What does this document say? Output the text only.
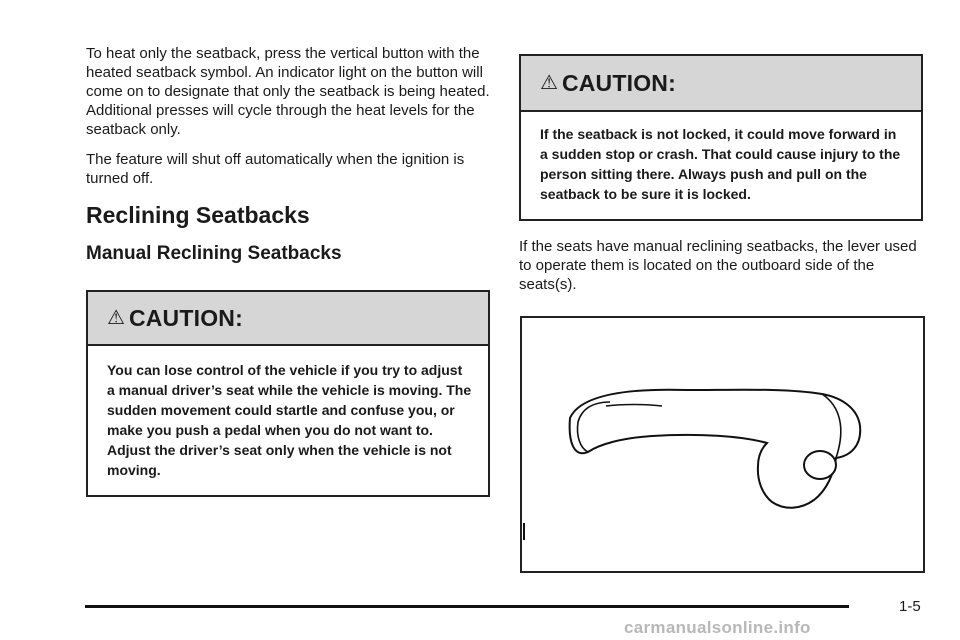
To heat only the seatback, press the vertical button with the heated seatback symbol. An indicator light on the button will come on to designate that only the seatback is being heated. Additional presses will cycle through the heat levels for the seatback only.

The feature will shut off automatically when the ignition is turned off.

Reclining Seatbacks
Manual Reclining Seatbacks
⚠ CAUTION:
You can lose control of the vehicle if you try to adjust a manual driver’s seat while the vehicle is moving. The sudden movement could startle and confuse you, or make you push a pedal when you do not want to. Adjust the driver’s seat only when the vehicle is not moving.
⚠ CAUTION:
If the seatback is not locked, it could move forward in a sudden stop or crash. That could cause injury to the person sitting there. Always push and pull on the seatback to be sure it is locked.

If the seats have manual reclining seatbacks, the lever used to operate them is located on the outboard side of the seats(s).

1-5
carmanualsonline.info
